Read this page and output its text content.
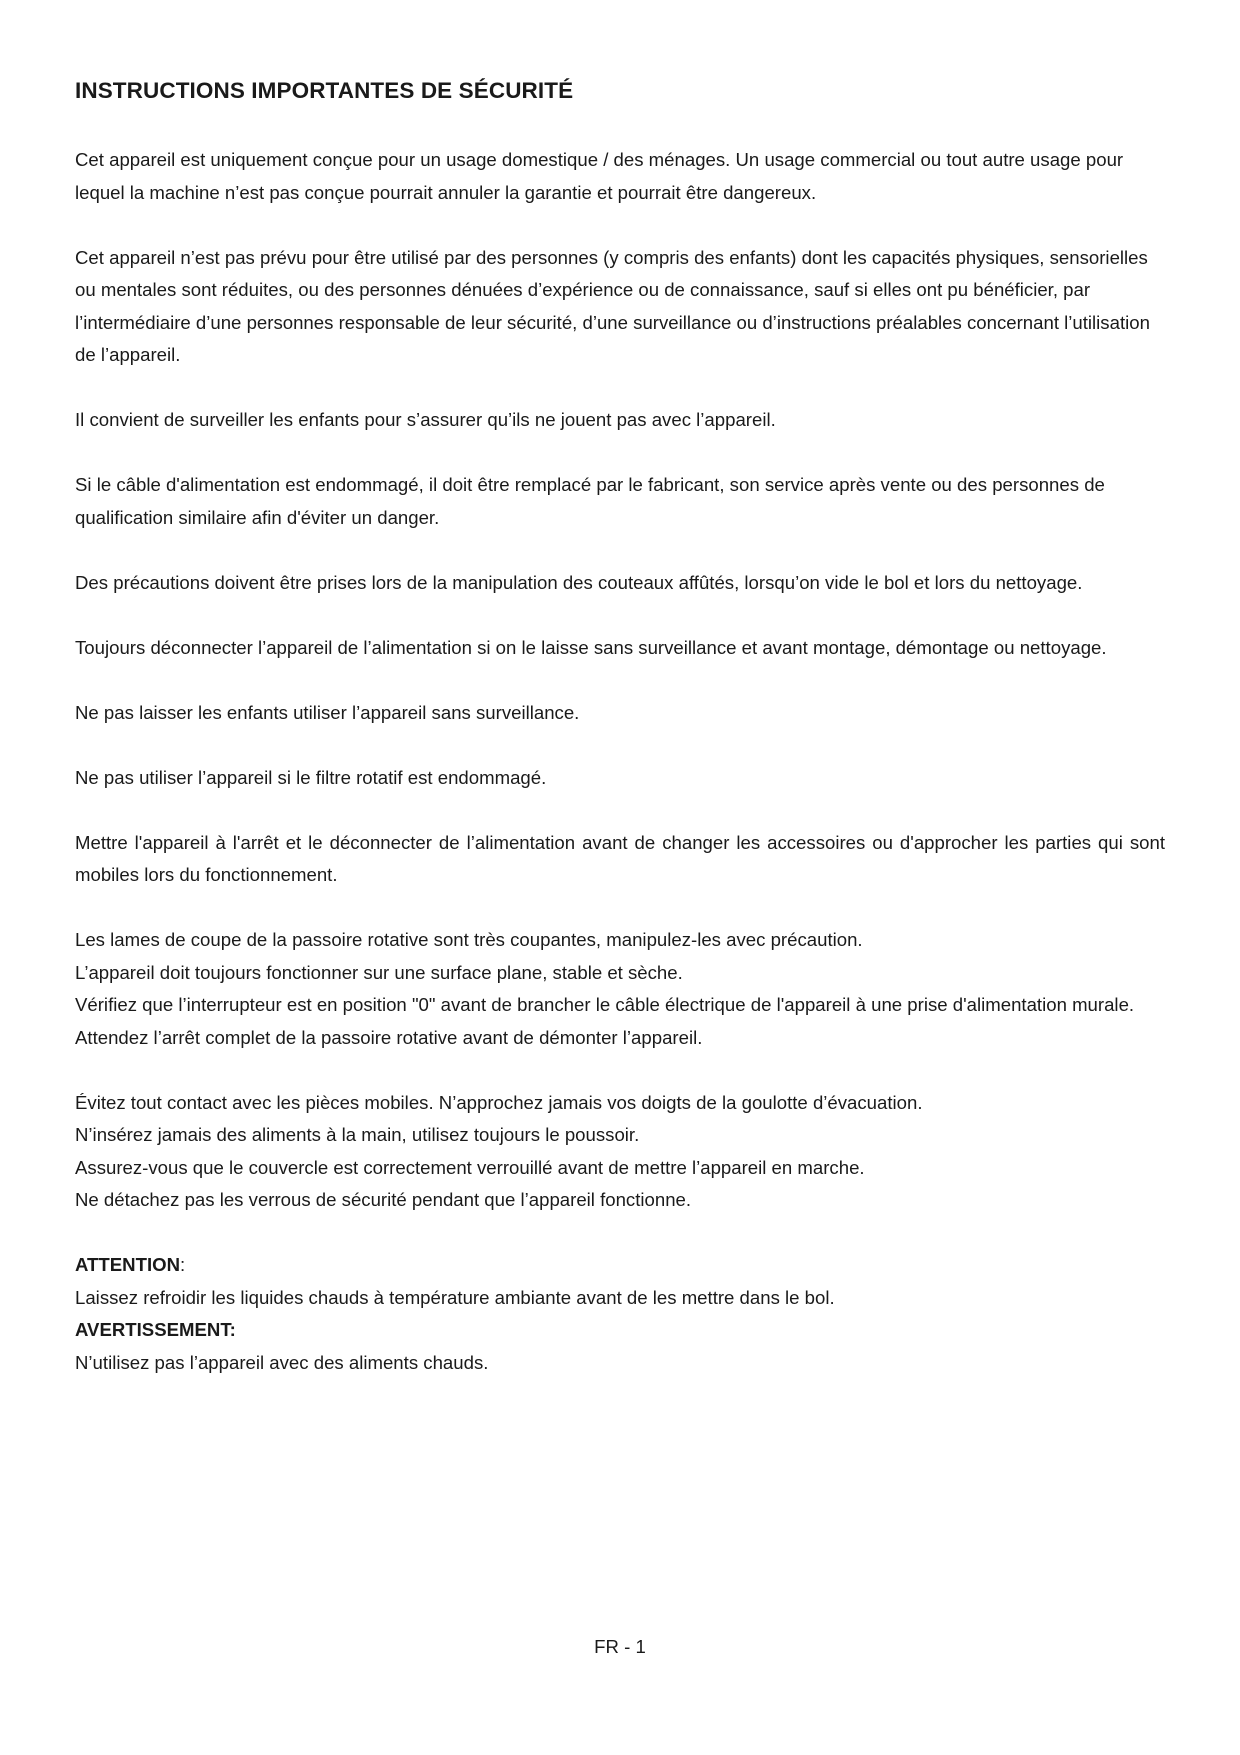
INSTRUCTIONS IMPORTANTES DE SÉCURITÉ

Cet appareil est uniquement conçue pour un usage domestique / des ménages. Un usage commercial ou tout autre usage pour lequel la machine n’est pas conçue pourrait annuler la garantie et pourrait être dangereux.

Cet appareil n’est pas prévu pour être utilisé par des personnes (y compris des enfants) dont les capacités physiques, sensorielles ou mentales sont réduites, ou des personnes dénuées d’expérience ou de connaissance, sauf si elles ont pu bénéficier, par l’intermédiaire d’une personnes responsable de leur sécurité, d’une surveillance ou d’instructions préalables concernant l’utilisation de l’appareil.

Il convient de surveiller les enfants pour s’assurer qu’ils ne jouent pas avec l’appareil.

Si le câble d'alimentation est endommagé, il doit être remplacé par le fabricant, son service après vente ou des personnes de qualification similaire afin d'éviter un danger.

Des précautions doivent être prises lors de la manipulation des couteaux affûtés, lorsqu’on vide le bol et lors du nettoyage.

Toujours déconnecter l’appareil de l’alimentation si on le laisse sans surveillance et avant montage, démontage ou nettoyage.

Ne pas laisser les enfants utiliser l’appareil sans surveillance.

Ne pas utiliser l’appareil si le filtre rotatif est endommagé.

Mettre l'appareil à l'arrêt et le déconnecter de l’alimentation avant de changer les accessoires ou d'approcher les parties qui sont mobiles lors du fonctionnement.

Les lames de coupe de la passoire rotative sont très coupantes, manipulez-les avec précaution.
L’appareil doit toujours fonctionner sur une surface plane, stable et sèche.
Vérifiez que l’interrupteur est en position "0" avant de brancher le câble électrique de l'appareil à une prise d'alimentation murale.
Attendez l’arrêt complet de la passoire rotative avant de démonter l’appareil.
Évitez tout contact avec les pièces mobiles. N’approchez jamais vos doigts de la goulotte d’évacuation.
N’insérez jamais des aliments à la main, utilisez toujours le poussoir.
Assurez-vous que le couvercle est correctement verrouillé avant de mettre l’appareil en marche.
Ne détachez pas les verrous de sécurité pendant que l’appareil fonctionne.
ATTENTION:
Laissez refroidir les liquides chauds à température ambiante avant de les mettre dans le bol.
AVERTISSEMENT:
N’utilisez pas l’appareil avec des aliments chauds.
FR - 1
